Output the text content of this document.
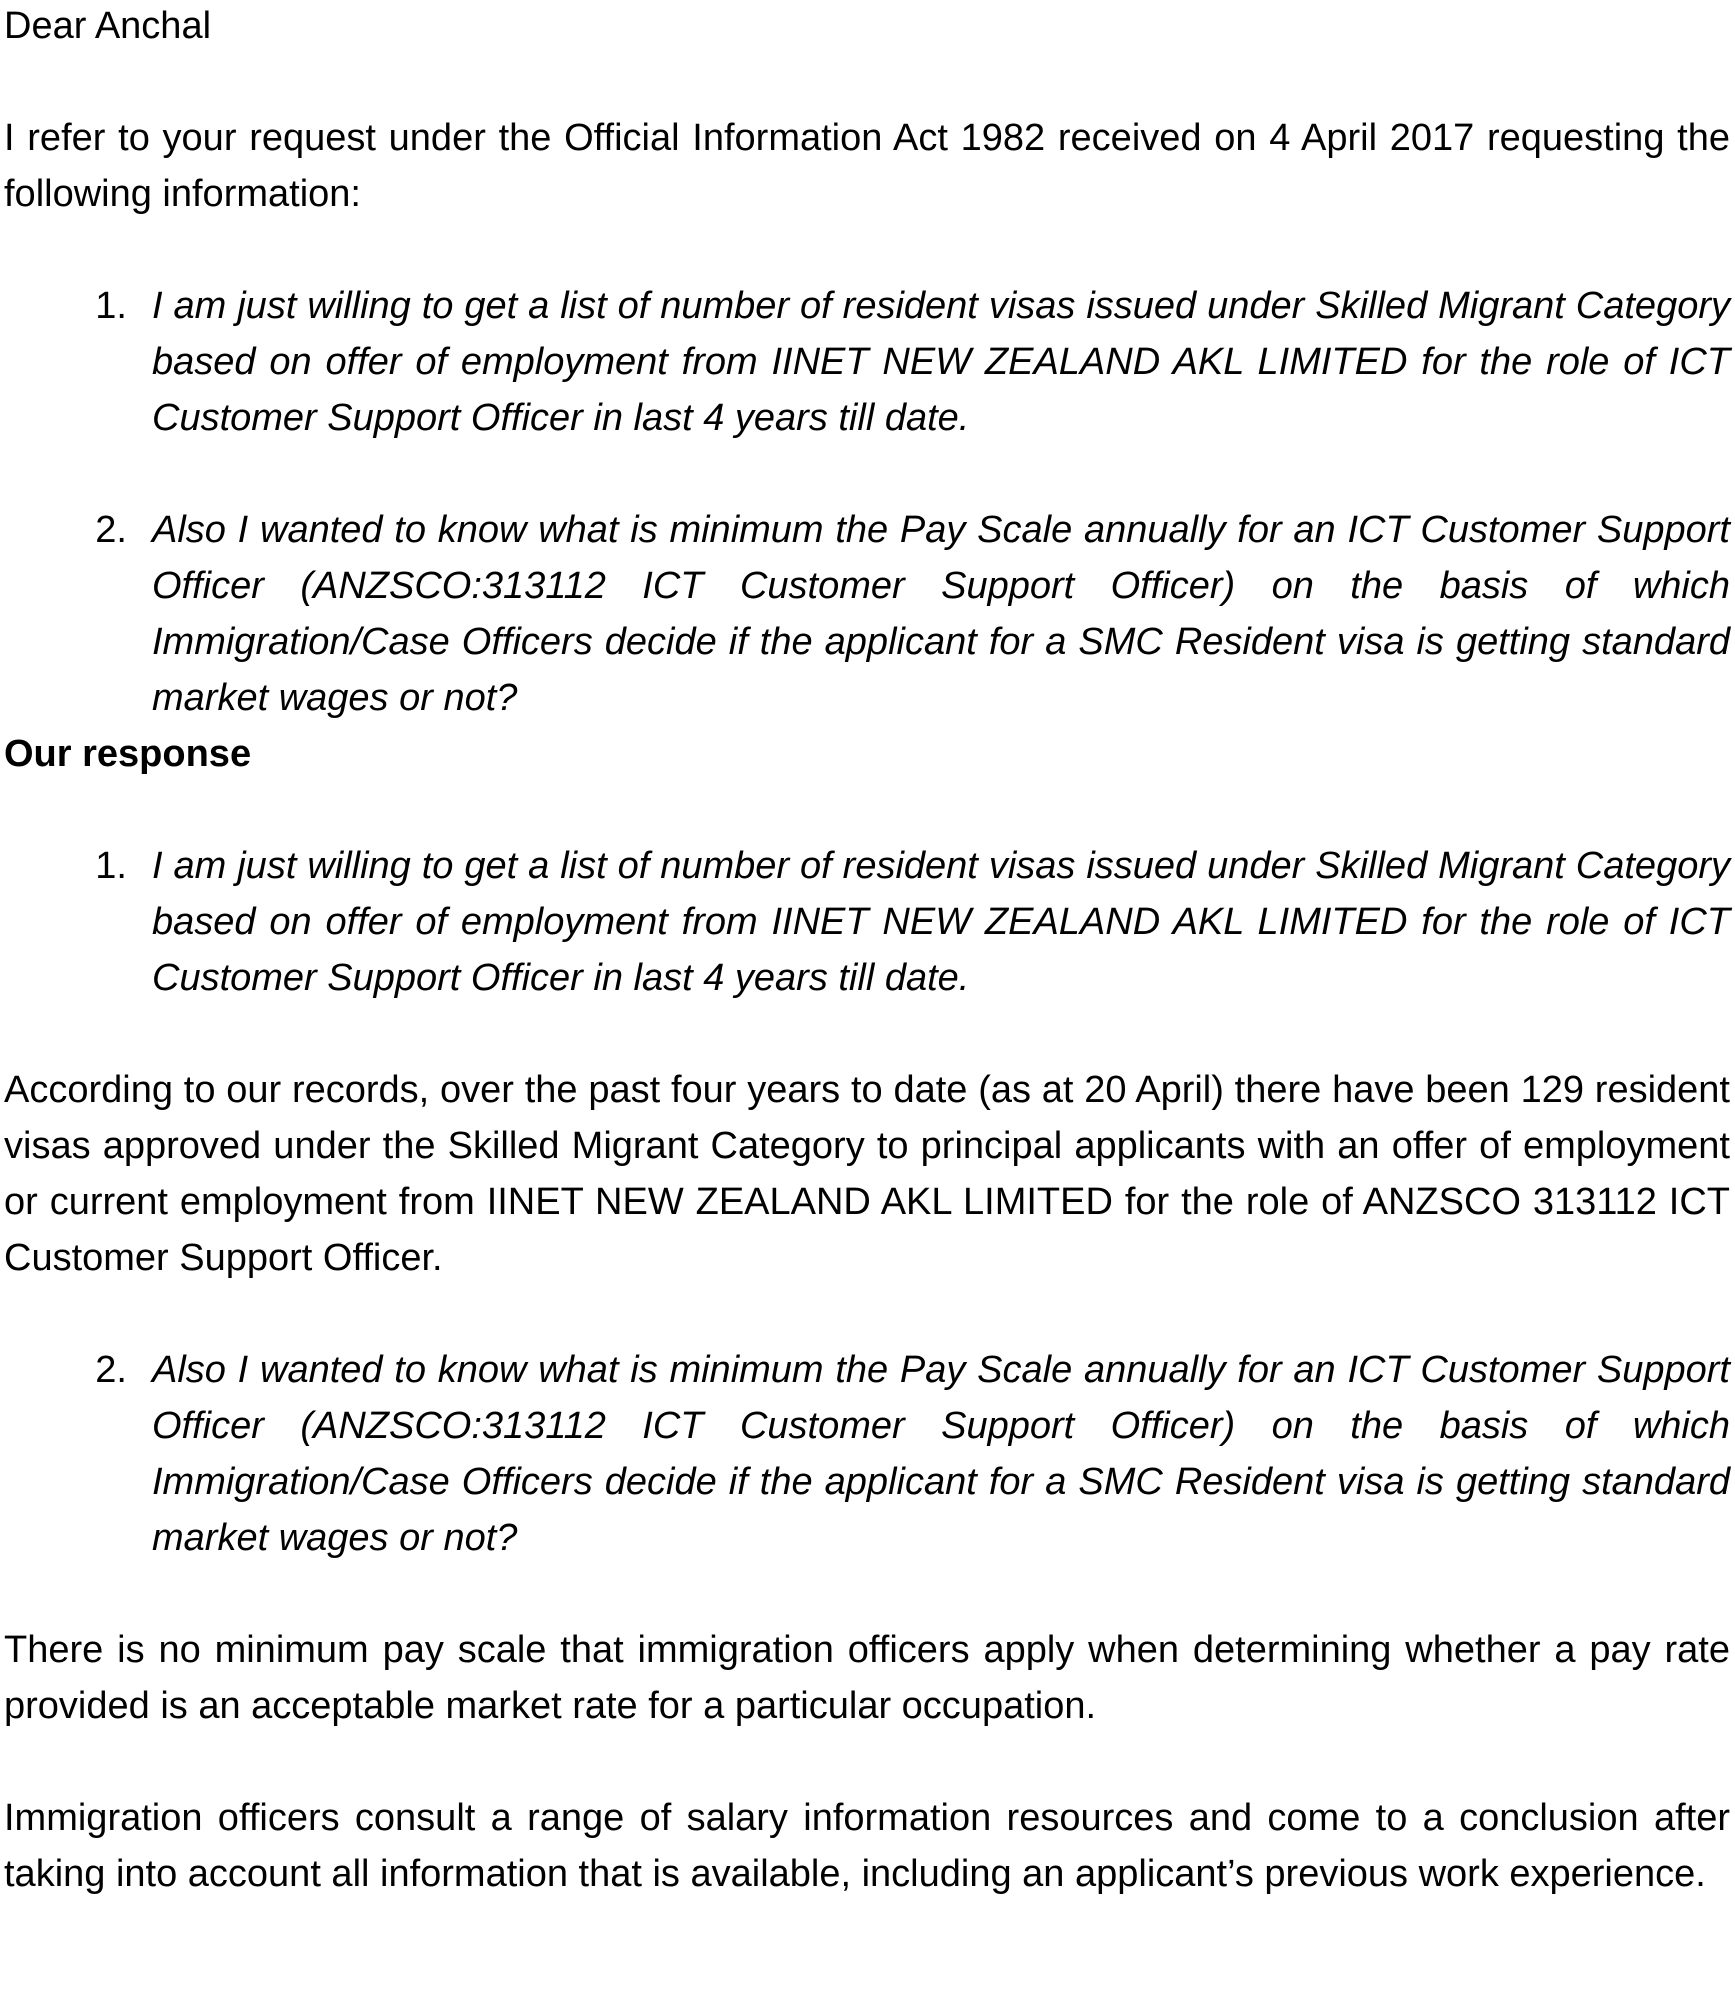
Dear Anchal

I refer to your request under the Official Information Act 1982 received on 4 April 2017 requesting the following information:

1. I am just willing to get a list of number of resident visas issued under Skilled Migrant Category based on offer of employment from IINET NEW ZEALAND AKL LIMITED for the role of ICT Customer Support Officer in last 4 years till date.

2. Also I wanted to know what is minimum the Pay Scale annually for an ICT Customer Support Officer (ANZSCO:313112 ICT Customer Support Officer) on the basis of which Immigration/Case Officers decide if the applicant for a SMC Resident visa is getting standard market wages or not?

Our response

1. I am just willing to get a list of number of resident visas issued under Skilled Migrant Category based on offer of employment from IINET NEW ZEALAND AKL LIMITED for the role of ICT Customer Support Officer in last 4 years till date.

According to our records, over the past four years to date (as at 20 April) there have been 129 resident visas approved under the Skilled Migrant Category to principal applicants with an offer of employment or current employment from IINET NEW ZEALAND AKL LIMITED for the role of ANZSCO 313112 ICT Customer Support Officer.

2. Also I wanted to know what is minimum the Pay Scale annually for an ICT Customer Support Officer (ANZSCO:313112 ICT Customer Support Officer) on the basis of which Immigration/Case Officers decide if the applicant for a SMC Resident visa is getting standard market wages or not?

There is no minimum pay scale that immigration officers apply when determining whether a pay rate provided is an acceptable market rate for a particular occupation.

Immigration officers consult a range of salary information resources and come to a conclusion after taking into account all information that is available, including an applicant’s previous work experience.
